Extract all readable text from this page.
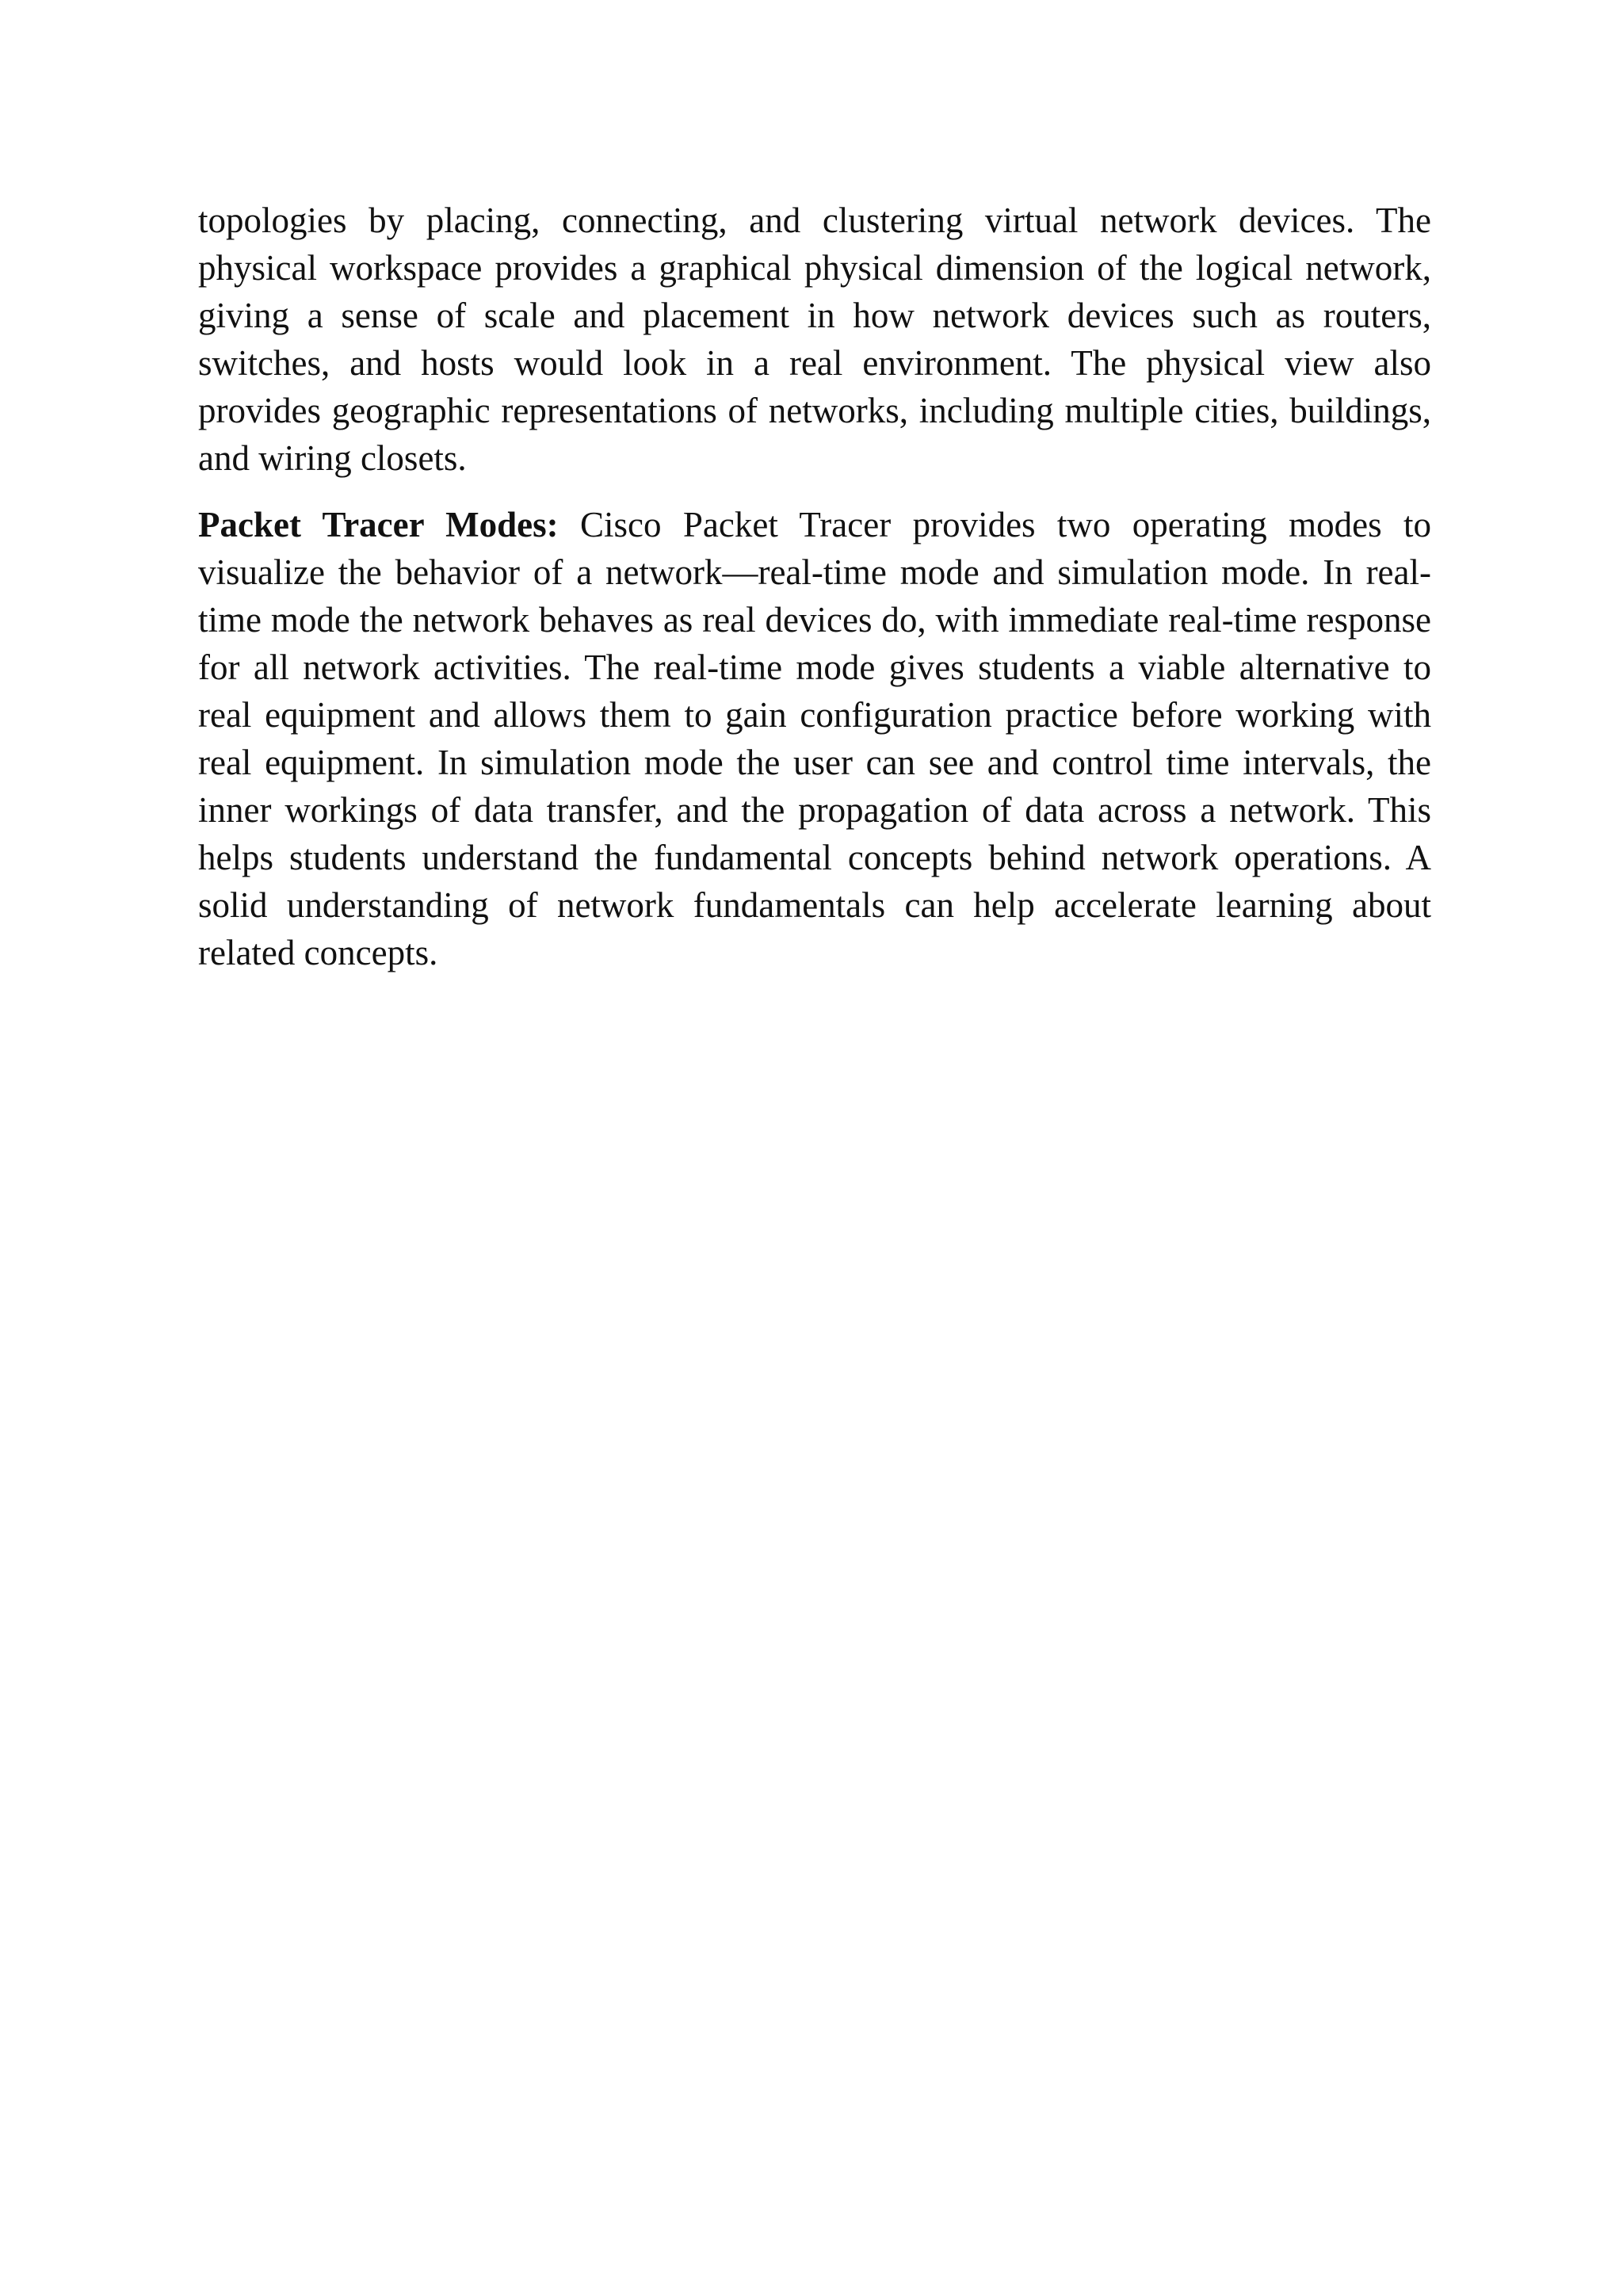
topologies by placing, connecting, and clustering virtual network devices. The physical workspace provides a graphical physical dimension of the logical network, giving a sense of scale and placement in how network devices such as routers, switches, and hosts would look in a real environment. The physical view also provides geographic representations of networks, including multiple cities, buildings, and wiring closets.

Packet Tracer Modes: Cisco Packet Tracer provides two operating modes to visualize the behavior of a network—real-time mode and simulation mode. In real-time mode the network behaves as real devices do, with immediate real-time response for all network activities. The real-time mode gives students a viable alternative to real equipment and allows them to gain configuration practice before working with real equipment. In simulation mode the user can see and control time intervals, the inner workings of data transfer, and the propagation of data across a network. This helps students understand the fundamental concepts behind network operations. A solid understanding of network fundamentals can help accelerate learning about related concepts.
